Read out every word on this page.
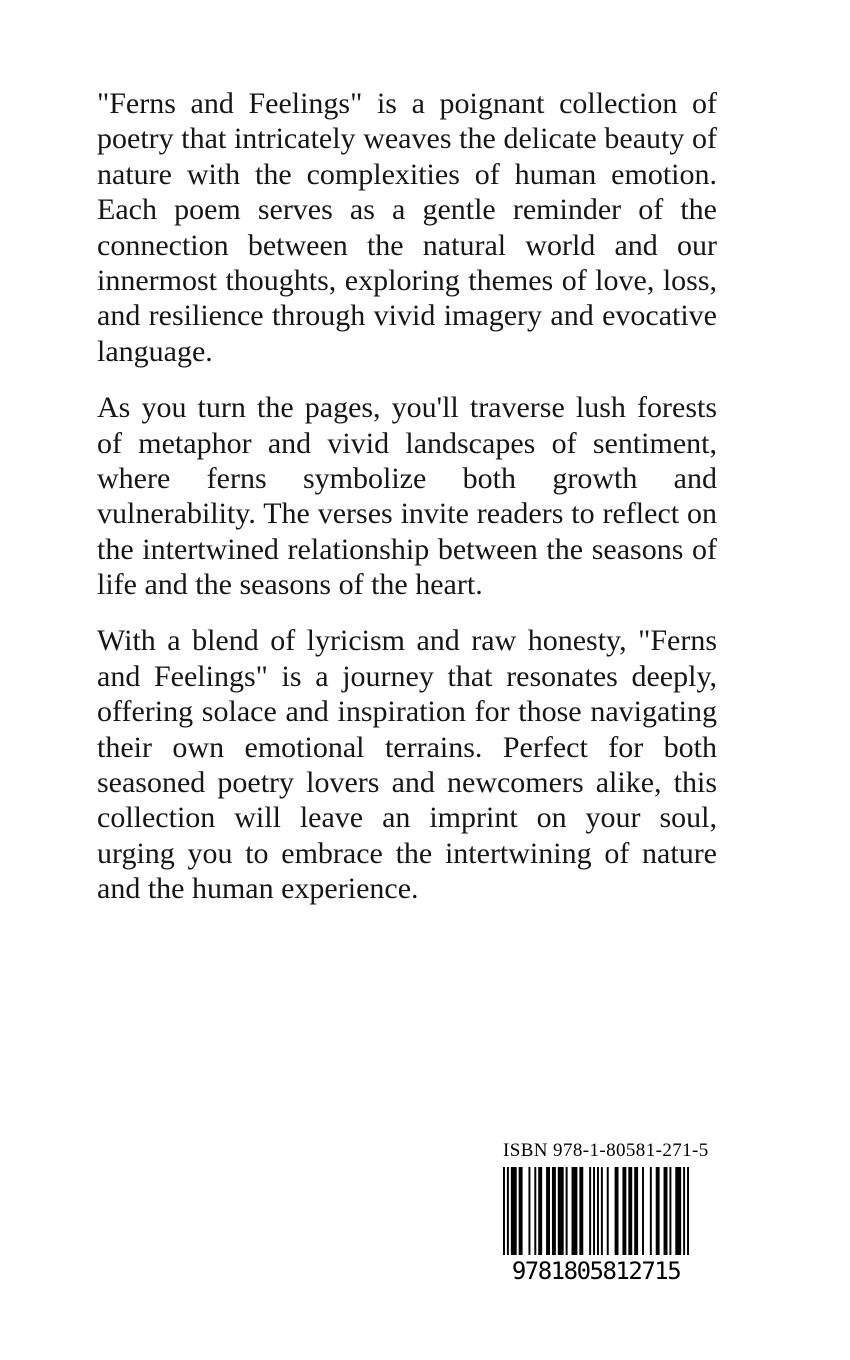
"Ferns and Feelings" is a poignant collection of poetry that intricately weaves the delicate beauty of nature with the complexities of human emotion. Each poem serves as a gentle reminder of the connection between the natural world and our innermost thoughts, exploring themes of love, loss, and resilience through vivid imagery and evocative language.

As you turn the pages, you'll traverse lush forests of metaphor and vivid landscapes of sentiment, where ferns symbolize both growth and vulnerability. The verses invite readers to reflect on the intertwined relationship between the seasons of life and the seasons of the heart.

With a blend of lyricism and raw honesty, "Ferns and Feelings" is a journey that resonates deeply, offering solace and inspiration for those navigating their own emotional terrains. Perfect for both seasoned poetry lovers and newcomers alike, this collection will leave an imprint on your soul, urging you to embrace the intertwining of nature and the human experience.

ISBN 978-1-80581-271-5
9781805812715
